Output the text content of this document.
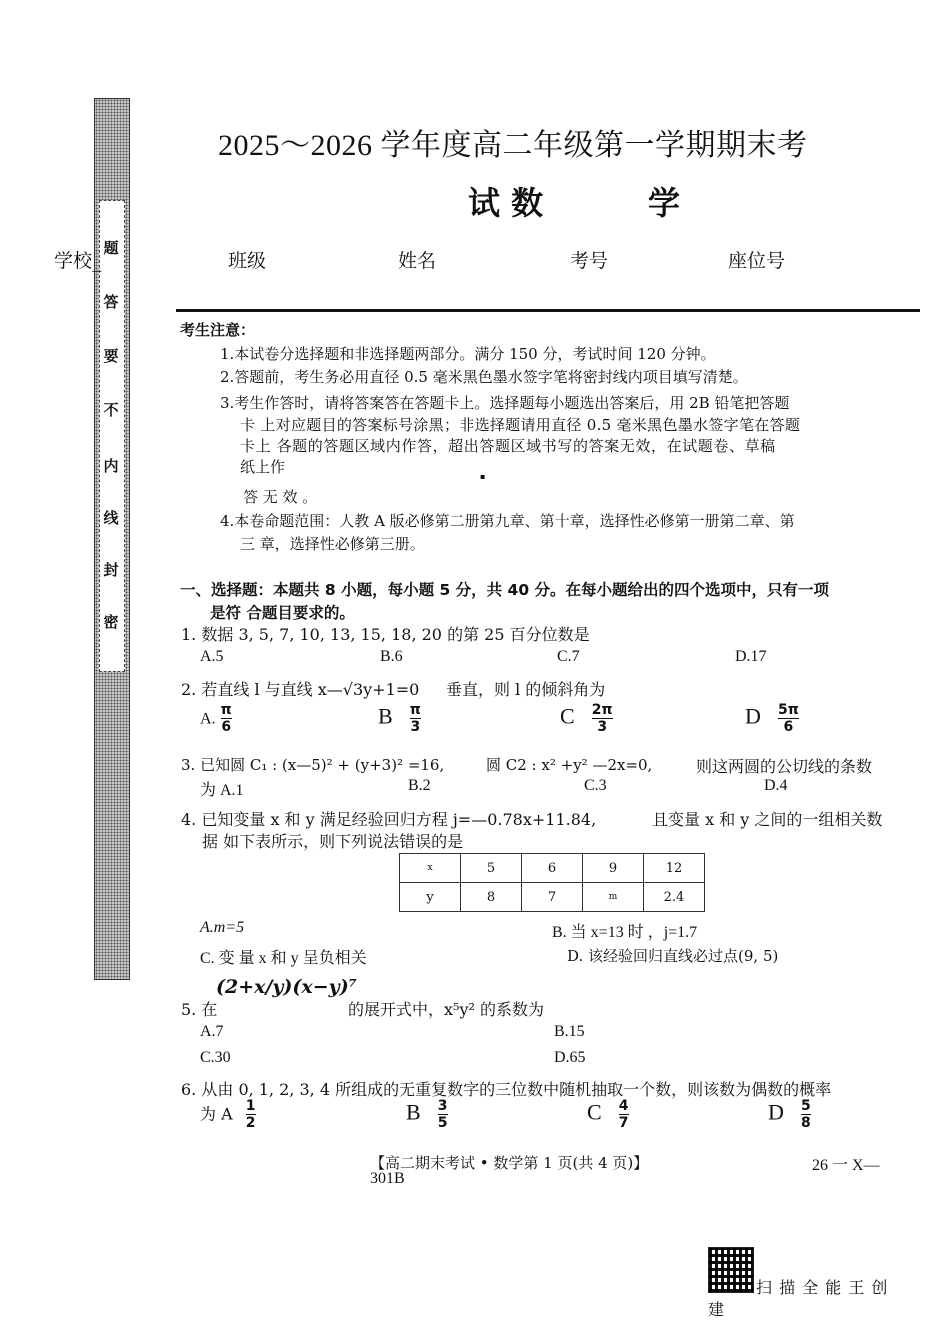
题
答
要
不
内
线
封
密
2025～2026 学年度高二年级第一学期期末考
试 数	学
学校_	班级	姓名	考号	座位号
考生注意：
1.本试卷分选择题和非选择题两部分。满分 150 分，考试时间 120 分钟。
2.答题前，考生务必用直径 0.5 毫米黑色墨水签字笔将密封线内项目填写清楚。
3.考生作答时，请将答案答在答题卡上。选择题每小题选出答案后，用 2B 铅笔把答题
卡 上对应题目的答案标号涂黑；非选择题请用直径 0.5 毫米黑色墨水签字笔在答题
卡上 各题的答题区域内作答，超出答题区域书写的答案无效，在试题卷、草稿
纸上作
▪
答 无 效 。
4.本卷命题范围：人教 A 版必修第二册第九章、第十章，选择性必修第一册第二章、第
三 章，选择性必修第三册。
一、选择题：本题共 8 小题，每小题 5 分，共 40 分。在每小题给出的四个选项中，只有一项
是符 合题目要求的。
1. 数据 3, 5, 7, 10, 13, 15, 18, 20 的第 25 百分位数是
A.5	B.6	C.7	D.17
2. 若直线 l 与直线 x—√3y+1=0 垂直，则 l 的倾斜角为
A. $\frac{\pi}{6}$	B $\frac{\pi}{3}$	C $\frac{2\pi}{3}$	D $\frac{5\pi}{6}$
3. 已知圆 C₁ : (x—5)² + (y+3)² =16,	圆 C2 : x² +y² —2x=0,	则这两圆的公切线的条数
为 A.1	B.2	C.3	D.4
4. 已知变量 x 和 y 满足经验回归方程 j=—0.78x+11.84,	且变量 x 和 y 之间的一组相关数
据 如下表所示，则下列说法错误的是
x	5	6	9	12
y	8	7	m	2.4
A.m=5	B. 当 x=13 时 ，j=1.7
C. 变 量 x 和 y 呈负相关	D. 该经验回归直线必过点(9, 5)
5. 在
(2+x/y)(x−y)⁷
的展开式中，x⁵y² 的系数为
A.7	B.15
C.30	D.65
6. 从由 0, 1, 2, 3, 4 所组成的无重复数字的三位数中随机抽取一个数，则该数为偶数的概率
为 A $\frac{1}{2}$	B $\frac{3}{5}$	C $\frac{4}{7}$	D $\frac{5}{8}$
【高二期末考试 • 数学第 1 页(共 4 页)】	26 一 X—
301B
扫 描 全 能 王 创
建
